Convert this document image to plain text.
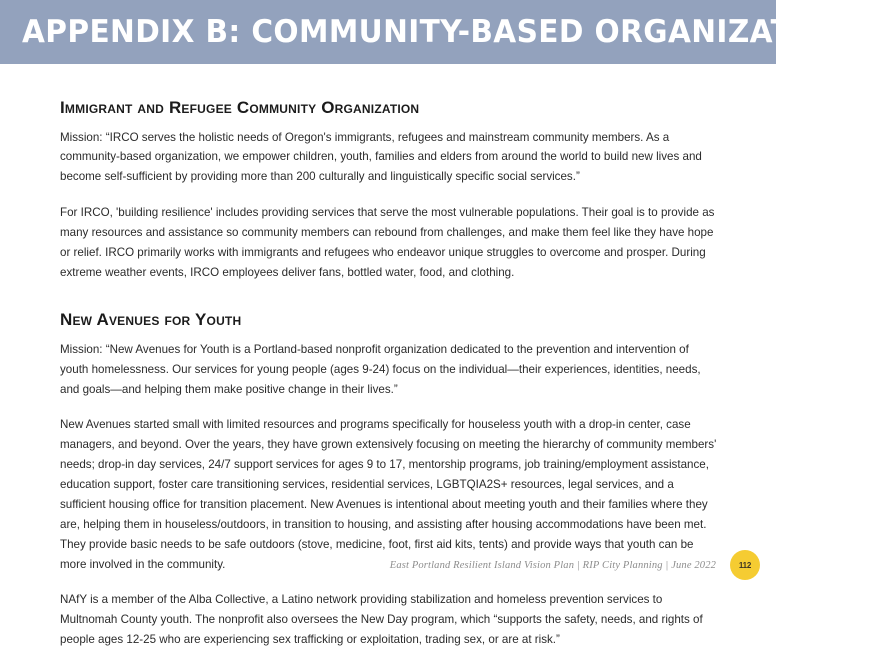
APPENDIX B: COMMUNITY-BASED ORGANIZATIONS
Immigrant and Refugee Community Organization

Mission: “IRCO serves the holistic needs of Oregon's immigrants, refugees and mainstream community members. As a community-based organization, we empower children, youth, families and elders from around the world to build new lives and become self-sufficient by providing more than 200 culturally and linguistically specific social services.”

For IRCO, 'building resilience' includes providing services that serve the most vulnerable populations. Their goal is to provide as many resources and assistance so community members can rebound from challenges, and make them feel like they have hope or relief. IRCO primarily works with immigrants and refugees who endeavor unique struggles to overcome and prosper. During extreme weather events, IRCO employees deliver fans, bottled water, food, and clothing.

New Avenues for Youth

Mission: “New Avenues for Youth is a Portland-based nonprofit organization dedicated to the prevention and intervention of youth homelessness. Our services for young people (ages 9-24) focus on the individual—their experiences, identities, needs, and goals—and helping them make positive change in their lives.”

New Avenues started small with limited resources and programs specifically for houseless youth with a drop-in center, case managers, and beyond. Over the years, they have grown extensively focusing on meeting the hierarchy of community members' needs; drop-in day services, 24/7 support services for ages 9 to 17, mentorship programs, job training/employment assistance, education support, foster care transitioning services, residential services, LGBTQIA2S+ resources, legal services, and a sufficient housing office for transition placement. New Avenues is intentional about meeting youth and their families where they are, helping them in houseless/outdoors, in transition to housing, and assisting after housing accommodations have been met. They provide basic needs to be safe outdoors (stove, medicine, foot, first aid kits, tents) and provide ways that youth can be more involved in the community.

NAfY is a member of the Alba Collective, a Latino network providing stabilization and homeless prevention services to Multnomah County youth. The nonprofit also oversees the New Day program, which “supports the safety, needs, and rights of people ages 12-25 who are experiencing sex trafficking or exploitation, trading sex, or are at risk.”

East Portland Resilient Island Vision Plan | RIP City Planning | June 2022	112
